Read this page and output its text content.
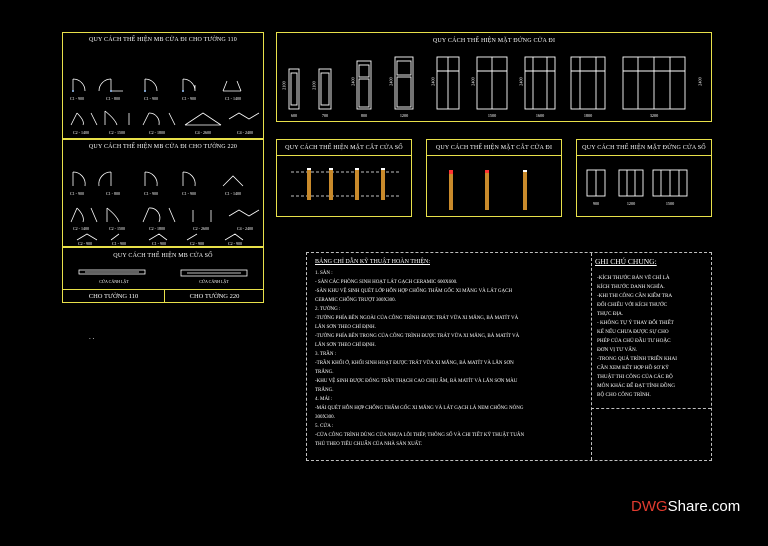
QUY CÁCH THỂ HIỆN MB CỬA ĐI CHO TƯỜNG 110
C1 - 900	C1 - 800	C1 - 900	C1 - 900	C1 - 1400
C2 - 1400	C2 - 1500	C2 - 1800	C4 - 2600	C4 - 2400
QUY CÁCH THỂ HIỆN MB CỬA ĐI CHO TƯỜNG 220
C1 - 900	C1 - 800	C1 - 900	C1 - 900	C1 - 1400
C2 - 1400	C2 - 1500	C2 - 1800	C2 - 2600	C4 - 2400
C2 - 900	C1 - 900	C1 - 900	C2 - 900	C2 - 900
QUY CÁCH THỂ HIỆN MB CỬA SỔ
CỬA CÁNH LẬT	CỬA CÁNH LẬT
CHO TƯỜNG 110	CHO TƯỜNG 220
QUY CÁCH THỂ HIỆN MẶT ĐỨNG CỬA ĐI
2100	2100	2400	2400	2400	2400	2400	2400
600	700	800	1200	1500	1600	1800	3200
QUY CÁCH THỂ HIỆN MẶT CẮT CỬA SỔ	QUY CÁCH THỂ HIỆN MẶT CẮT CỬA ĐI	QUY CÁCH THỂ HIỆN MẶT ĐỨNG CỬA SỔ
900	1200	1500
BẢNG CHỈ DẪN KỸ THUẬT HOÀN THIỆN:
1. SÀN :
- SÀN CÁC PHÒNG SINH HOẠT LÁT GẠCH CERAMIC 600X600.
-SÀN KHU VỆ SINH QUÉT LỚP HỖN HỢP CHỐNG THẤM GỐC XI MĂNG VÀ LÁT GẠCH
CERAMIC CHỐNG TRƯỢT 300X300.
2. TƯỜNG :
-TƯỜNG PHÍA BÊN NGOÀI CỦA CÔNG TRÌNH ĐƯỢC TRÁT VỮA XI MĂNG, BẢ MATÍT VÀ
LĂN SƠN THEO CHỈ ĐỊNH.
-TƯỜNG PHÍA BÊN TRONG CỦA CÔNG TRÌNH ĐƯỢC TRÁT VỮA XI MĂNG, BẢ MATÍT VÀ
LĂN SƠN THEO CHỈ ĐỊNH.
3. TRẦN :
-TRẦN KHỐI Ở, KHỐI SINH HOẠT ĐƯỢC TRÁT VỮA XI MĂNG, BẢ MATÍT VÀ LĂN SƠN
TRẮNG.
-KHU VỆ SINH ĐƯỢC ĐÓNG TRẦN THẠCH CAO CHỊU ẨM, BẢ MATÍT VÀ LĂN SƠN MÀU
TRẮNG.
4. MÁI :
-MÁI QUÉT HỖN HỢP CHỐNG THẤM GỐC XI MĂNG VÀ LÁT GẠCH LÁ NEM CHỐNG NÓNG
300X300.
5. CỬA :
-CỬA CÔNG TRÌNH DÙNG CỬA NHỰA LÕI THÉP, THÔNG SỐ VÀ CHI TIẾT KỸ THUẬT TUÂN
THỦ THEO TIÊU CHUẨN CỦA NHÀ SẢN XUẤT.
GHI CHÚ CHUNG:
-KÍCH THƯỚC BẢN VẼ CHỈ LÀ
KÍCH THƯỚC DANH NGHĨA.
-KHI THI CÔNG CẦN KIỂM TRA
ĐỐI CHIẾU VỚI KÍCH THƯỚC
THỰC ĐỊA.
- KHÔNG TỰ Ý THAY ĐỔI THIẾT
KẾ NẾU CHƯA ĐƯỢC SỰ CHO
PHÉP CỦA CHỦ ĐẦU TƯ HOẶC
ĐƠN VỊ TƯ VẤN.
-TRONG QUÁ TRÌNH TRIỂN KHAI
CẦN XEM KẾT HỢP HỒ SƠ KỸ
THUẬT THI CÔNG CỦA CÁC BỘ
MÔN KHÁC ĐỂ ĐẠT TÍNH ĐỒNG
BỘ CHO CÔNG TRÌNH.
. .
DWGShare.com
